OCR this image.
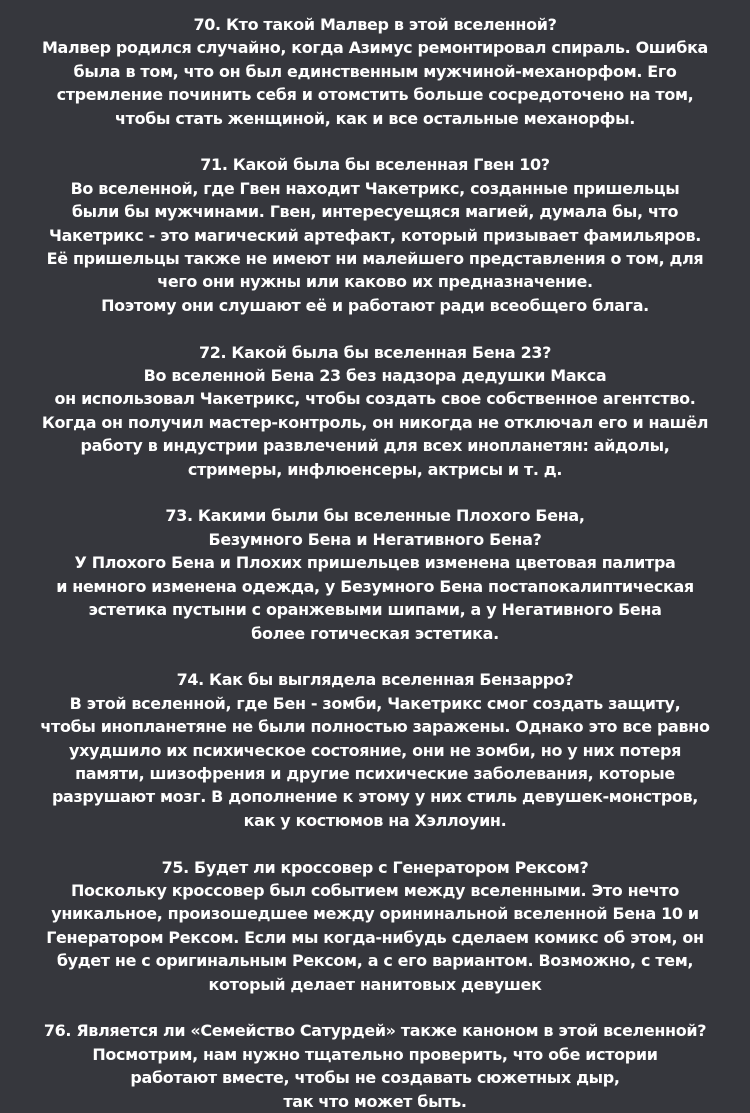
70. Кто такой Малвер в этой вселенной?
Малвер родился случайно, когда Азимус ремонтировал спираль. Ошибка
была в том, что он был единственным мужчиной-механорфом. Его
стремление починить себя и отомстить больше сосредоточено на том,
чтобы стать женщиной, как и все остальные механорфы.
71. Какой была бы вселенная Гвен 10?
Во вселенной, где Гвен находит Чакетрикс, созданные пришельцы
были бы мужчинами. Гвен, интересуещяся магией, думала бы, что
Чакетрикс - это магический артефакт, который призывает фамильяров.
Её пришельцы также не имеют ни малейшего представления о том, для
чего они нужны или каково их предназначение.
Поэтому они слушают её и работают ради всеобщего блага.
72. Какой была бы вселенная Бена 23?
Во вселенной Бена 23 без надзора дедушки Макса
он использовал Чакетрикс, чтобы создать свое собственное агентство.
Когда он получил мастер-контроль, он никогда не отключал его и нашёл
работу в индустрии развлечений для всех инопланетян: айдолы,
стримеры, инфлюенсеры, актрисы и т. д.
73. Какими были бы вселенные Плохого Бена,
Безумного Бена и Негативного Бена?
У Плохого Бена и Плохих пришельцев изменена цветовая палитра
и немного изменена одежда, у Безумного Бена постапокалиптическая
эстетика пустыни с оранжевыми шипами, а у Негативного Бена
более готическая эстетика.
74. Как бы выглядела вселенная Бензарро?
В этой вселенной, где Бен - зомби, Чакетрикс смог создать защиту,
чтобы инопланетяне не были полностью заражены. Однако это все равно
ухудшило их психическое состояние, они не зомби, но у них потеря
памяти, шизофрения и другие психические заболевания, которые
разрушают мозг. В дополнение к этому у них стиль девушек-монстров,
как у костюмов на Хэллоуин.
75. Будет ли кроссовер с Генератором Рексом?
Поскольку кроссовер был событием между вселенными. Это нечто
уникальное, произошедшее между орининальной вселенной Бена 10 и
Генератором Рексом. Если мы когда-нибудь сделаем комикс об этом, он
будет не с оригинальным Рексом, а с его вариантом. Возможно, с тем,
который делает нанитовых девушек
76. Является ли «Семейство Сатурдей» также каноном в этой вселенной?
Посмотрим, нам нужно тщательно проверить, что обе истории
работают вместе, чтобы не создавать сюжетных дыр,
так что может быть.
